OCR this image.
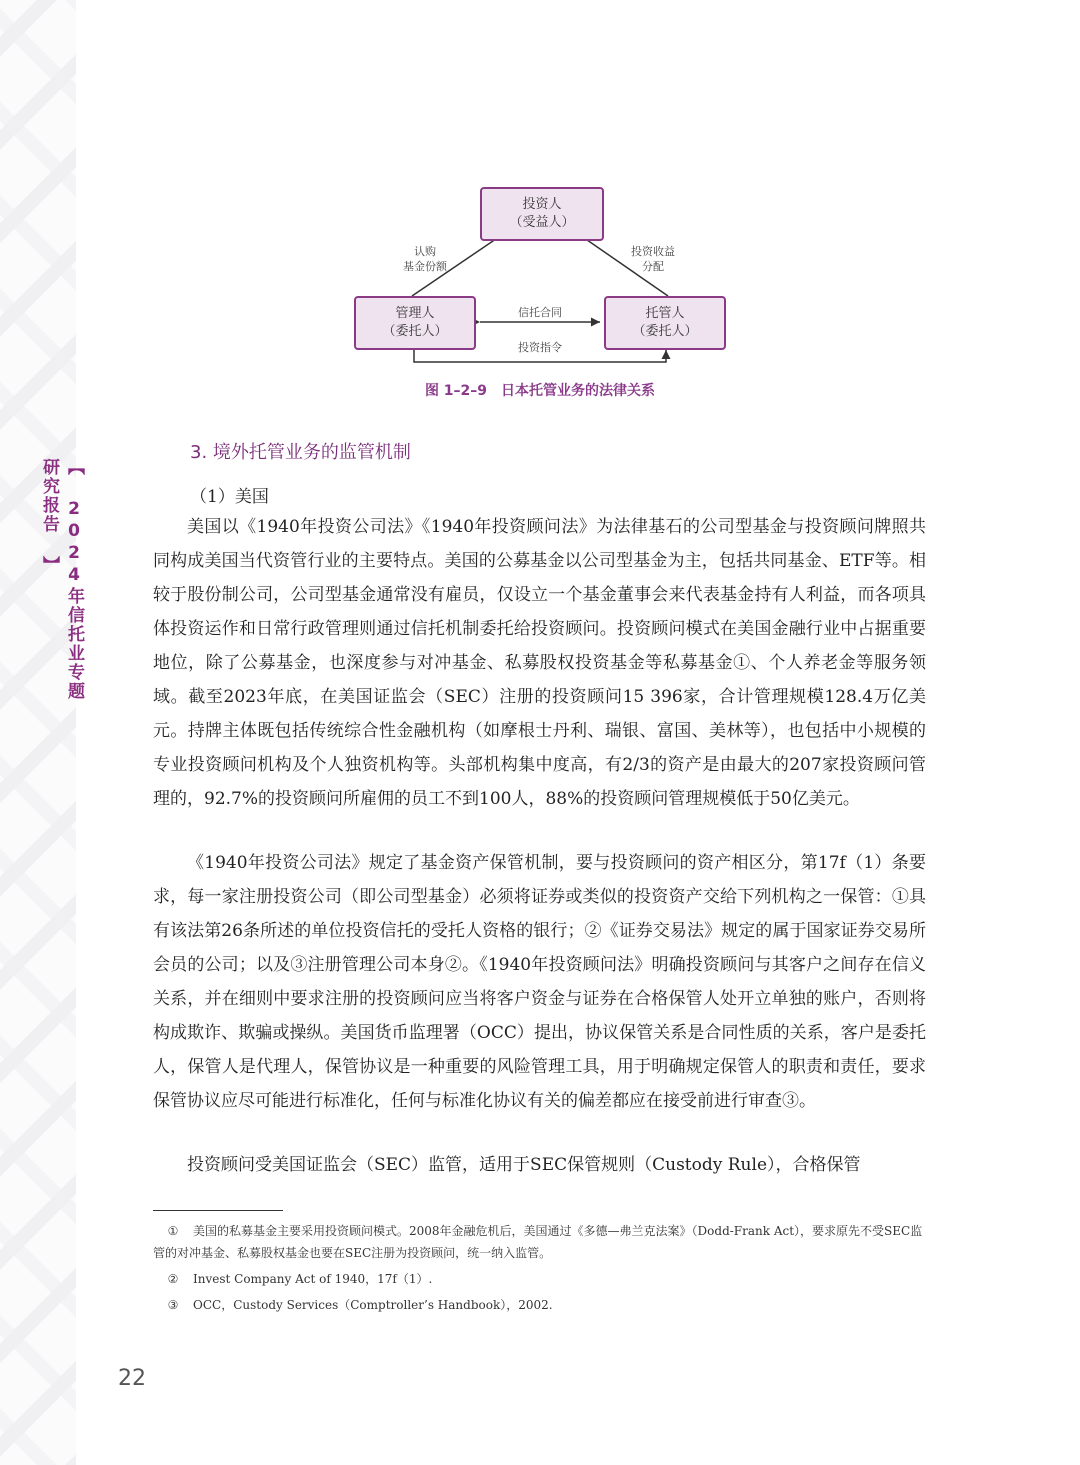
【 2024年信托业专题研究报告 】
投资人
（受益人）
管理人
（委托人）
托管人
（委托人）
认购
基金份额
投资收益
分配
信托合同
投资指令
图 1–2–9　日本托管业务的法律关系
3. 境外托管业务的监管机制
（1）美国

美国以《1940年投资公司法》《1940年投资顾问法》为法律基石的公司型基金与投资顾问牌照共同构成美国当代资管行业的主要特点。美国的公募基金以公司型基金为主，包括共同基金、ETF等。相较于股份制公司，公司型基金通常没有雇员，仅设立一个基金董事会来代表基金持有人利益，而各项具体投资运作和日常行政管理则通过信托机制委托给投资顾问。投资顾问模式在美国金融行业中占据重要地位，除了公募基金，也深度参与对冲基金、私募股权投资基金等私募基金①、个人养老金等服务领域。截至2023年底，在美国证监会（SEC）注册的投资顾问15 396家，合计管理规模128.4万亿美元。持牌主体既包括传统综合性金融机构（如摩根士丹利、瑞银、富国、美林等），也包括中小规模的专业投资顾问机构及个人独资机构等。头部机构集中度高，有2/3的资产是由最大的207家投资顾问管理的，92.7%的投资顾问所雇佣的员工不到100人，88%的投资顾问管理规模低于50亿美元。

《1940年投资公司法》规定了基金资产保管机制，要与投资顾问的资产相区分，第17f（1）条要求，每一家注册投资公司（即公司型基金）必须将证券或类似的投资资产交给下列机构之一保管：①具有该法第26条所述的单位投资信托的受托人资格的银行；②《证券交易法》规定的属于国家证券交易所会员的公司；以及③注册管理公司本身②。《1940年投资顾问法》明确投资顾问与其客户之间存在信义关系，并在细则中要求注册的投资顾问应当将客户资金与证券在合格保管人处开立单独的账户，否则将构成欺诈、欺骗或操纵。美国货币监理署（OCC）提出，协议保管关系是合同性质的关系，客户是委托人，保管人是代理人，保管协议是一种重要的风险管理工具，用于明确规定保管人的职责和责任，要求保管协议应尽可能进行标准化，任何与标准化协议有关的偏差都应在接受前进行审查③。

投资顾问受美国证监会（SEC）监管，适用于SEC保管规则（Custody Rule），合格保管

① 美国的私募基金主要采用投资顾问模式。2008年金融危机后，美国通过《多德—弗兰克法案》（Dodd-Frank Act），要求原先不受SEC监管的对冲基金、私募股权基金也要在SEC注册为投资顾问，统一纳入监管。
② Invest Company Act of 1940，17f（1）.
③ OCC，Custody Services（Comptroller’s Handbook），2002.
22
